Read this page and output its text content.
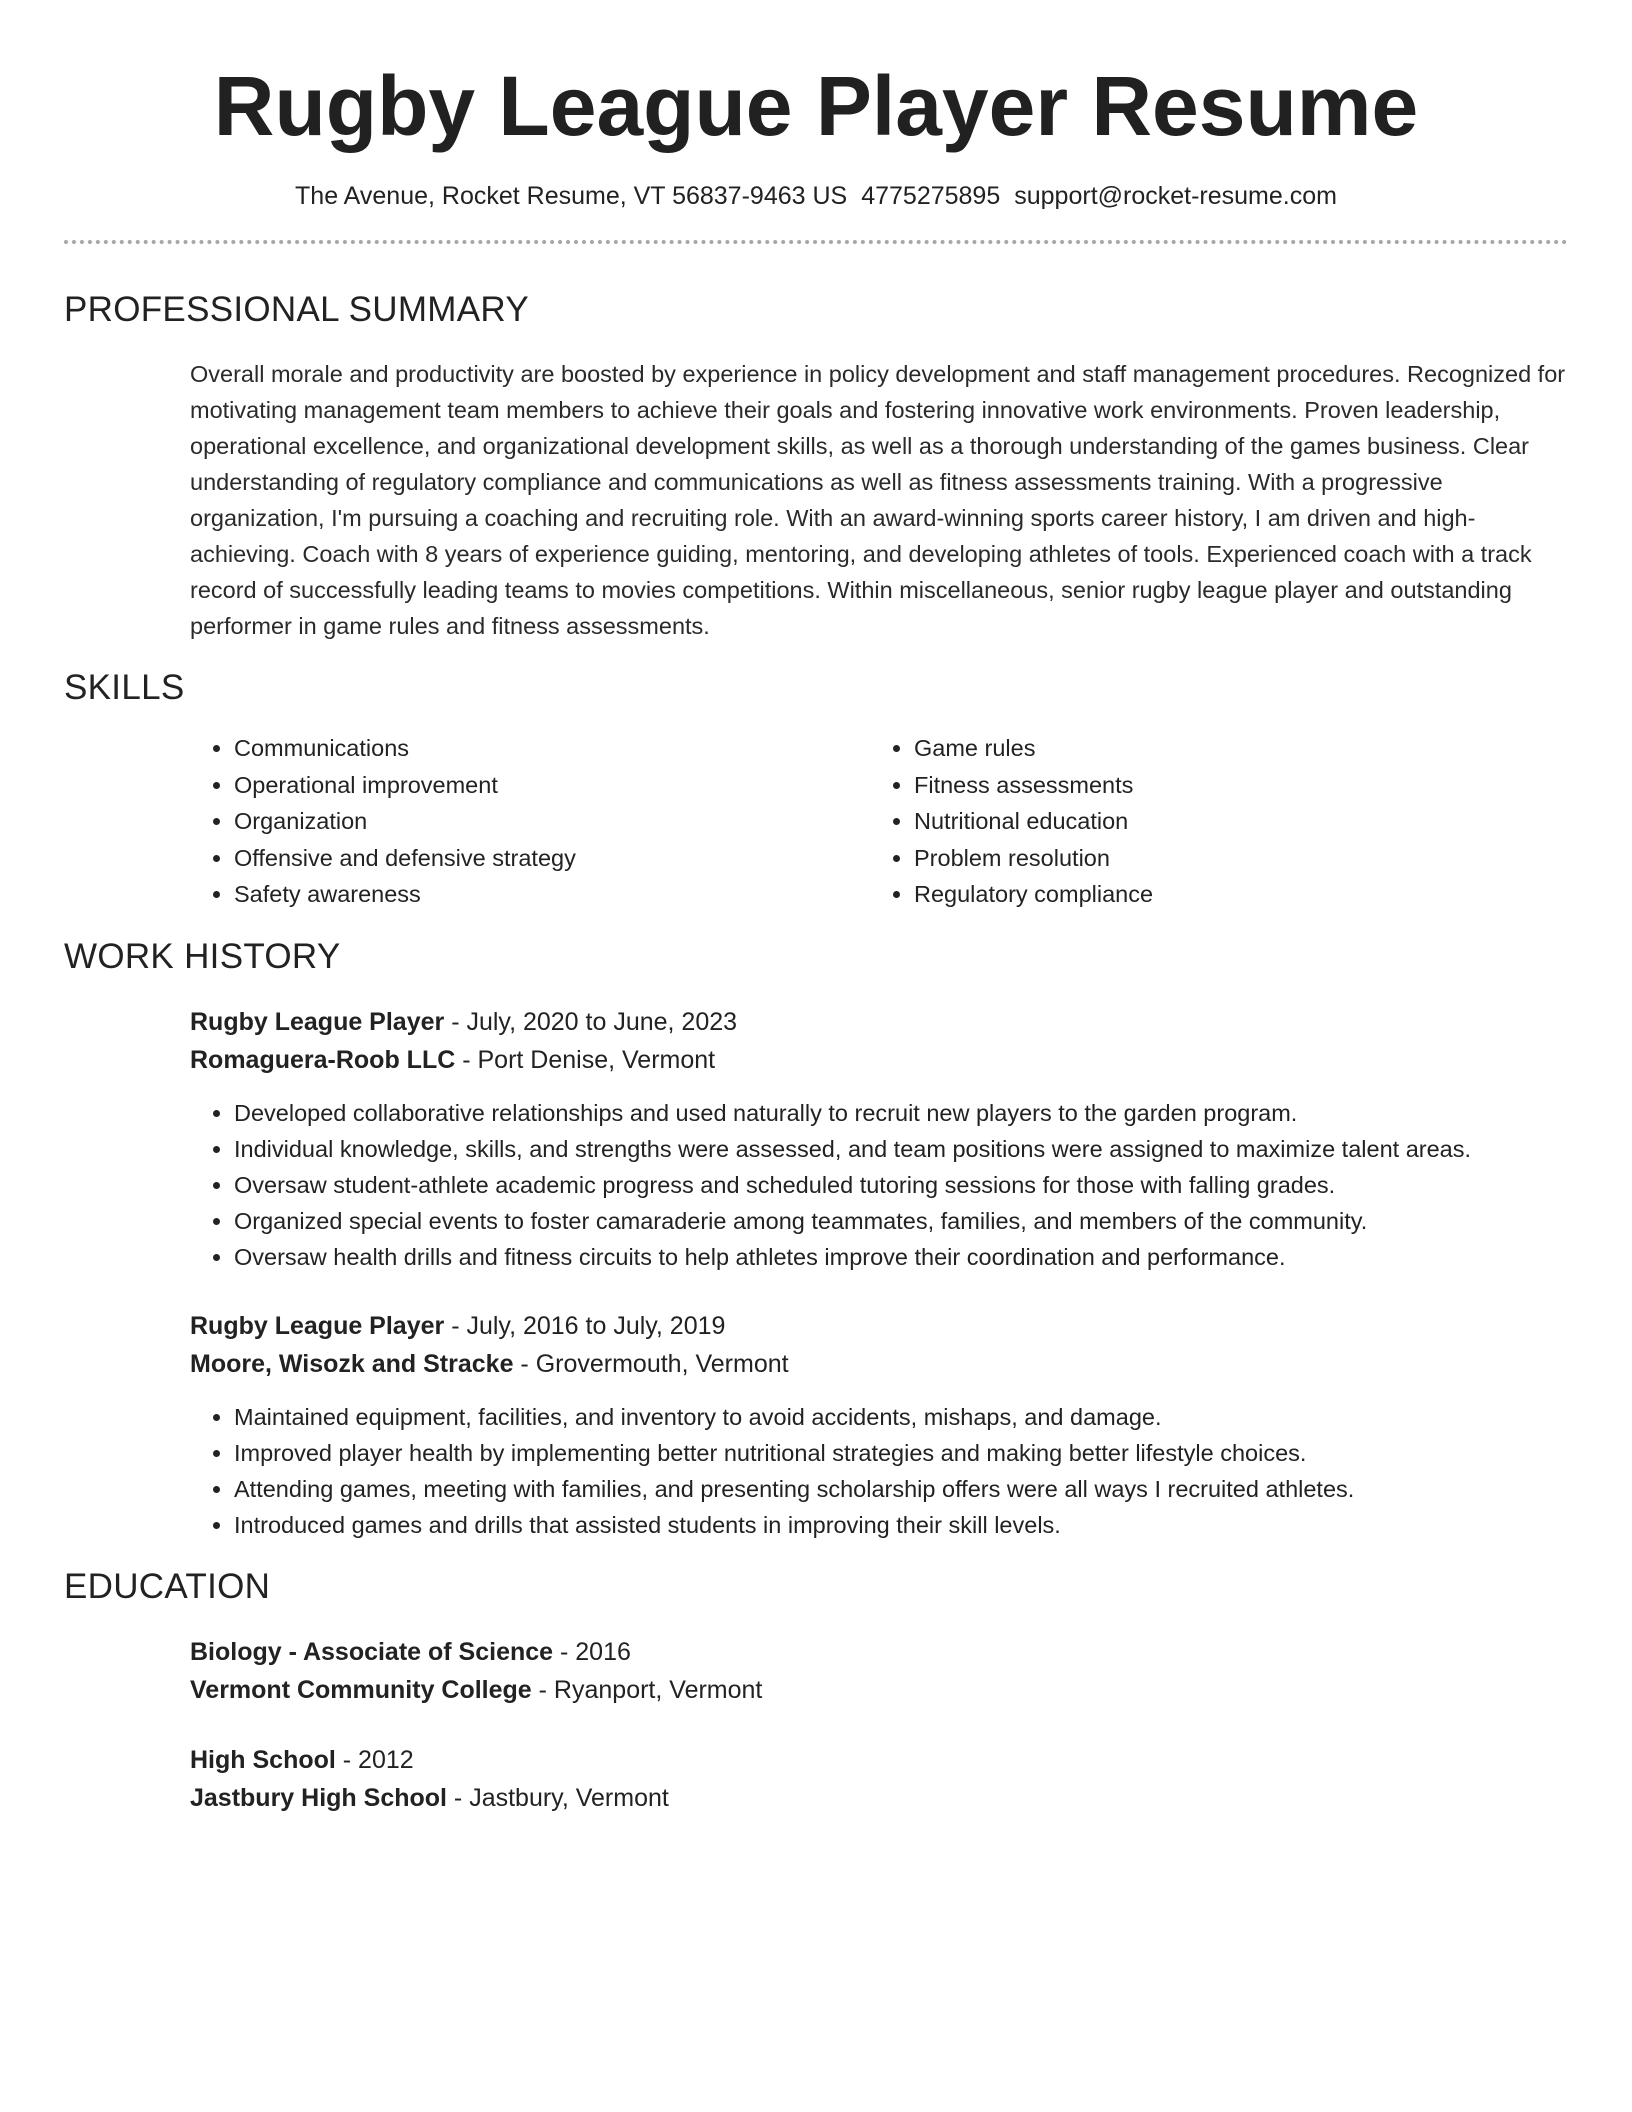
Rugby League Player Resume
The Avenue, Rocket Resume, VT 56837-9463 US 4775275895 support@rocket-resume.com
PROFESSIONAL SUMMARY

Overall morale and productivity are boosted by experience in policy development and staff management procedures. Recognized for motivating management team members to achieve their goals and fostering innovative work environments. Proven leadership, operational excellence, and organizational development skills, as well as a thorough understanding of the games business. Clear understanding of regulatory compliance and communications as well as fitness assessments training. With a progressive organization, I'm pursuing a coaching and recruiting role. With an award-winning sports career history, I am driven and high-achieving. Coach with 8 years of experience guiding, mentoring, and developing athletes of tools. Experienced coach with a track record of successfully leading teams to movies competitions. Within miscellaneous, senior rugby league player and outstanding performer in game rules and fitness assessments.

SKILLS
• Communications
• Operational improvement
• Organization
• Offensive and defensive strategy
• Safety awareness
• Game rules
• Fitness assessments
• Nutritional education
• Problem resolution
• Regulatory compliance
WORK HISTORY
Rugby League Player - July, 2020 to June, 2023
Romaguera-Roob LLC - Port Denise, Vermont
• Developed collaborative relationships and used naturally to recruit new players to the garden program.
• Individual knowledge, skills, and strengths were assessed, and team positions were assigned to maximize talent areas.
• Oversaw student-athlete academic progress and scheduled tutoring sessions for those with falling grades.
• Organized special events to foster camaraderie among teammates, families, and members of the community.
• Oversaw health drills and fitness circuits to help athletes improve their coordination and performance.
Rugby League Player - July, 2016 to July, 2019
Moore, Wisozk and Stracke - Grovermouth, Vermont
• Maintained equipment, facilities, and inventory to avoid accidents, mishaps, and damage.
• Improved player health by implementing better nutritional strategies and making better lifestyle choices.
• Attending games, meeting with families, and presenting scholarship offers were all ways I recruited athletes.
• Introduced games and drills that assisted students in improving their skill levels.
EDUCATION
Biology - Associate of Science - 2016
Vermont Community College - Ryanport, Vermont
High School - 2012
Jastbury High School - Jastbury, Vermont
